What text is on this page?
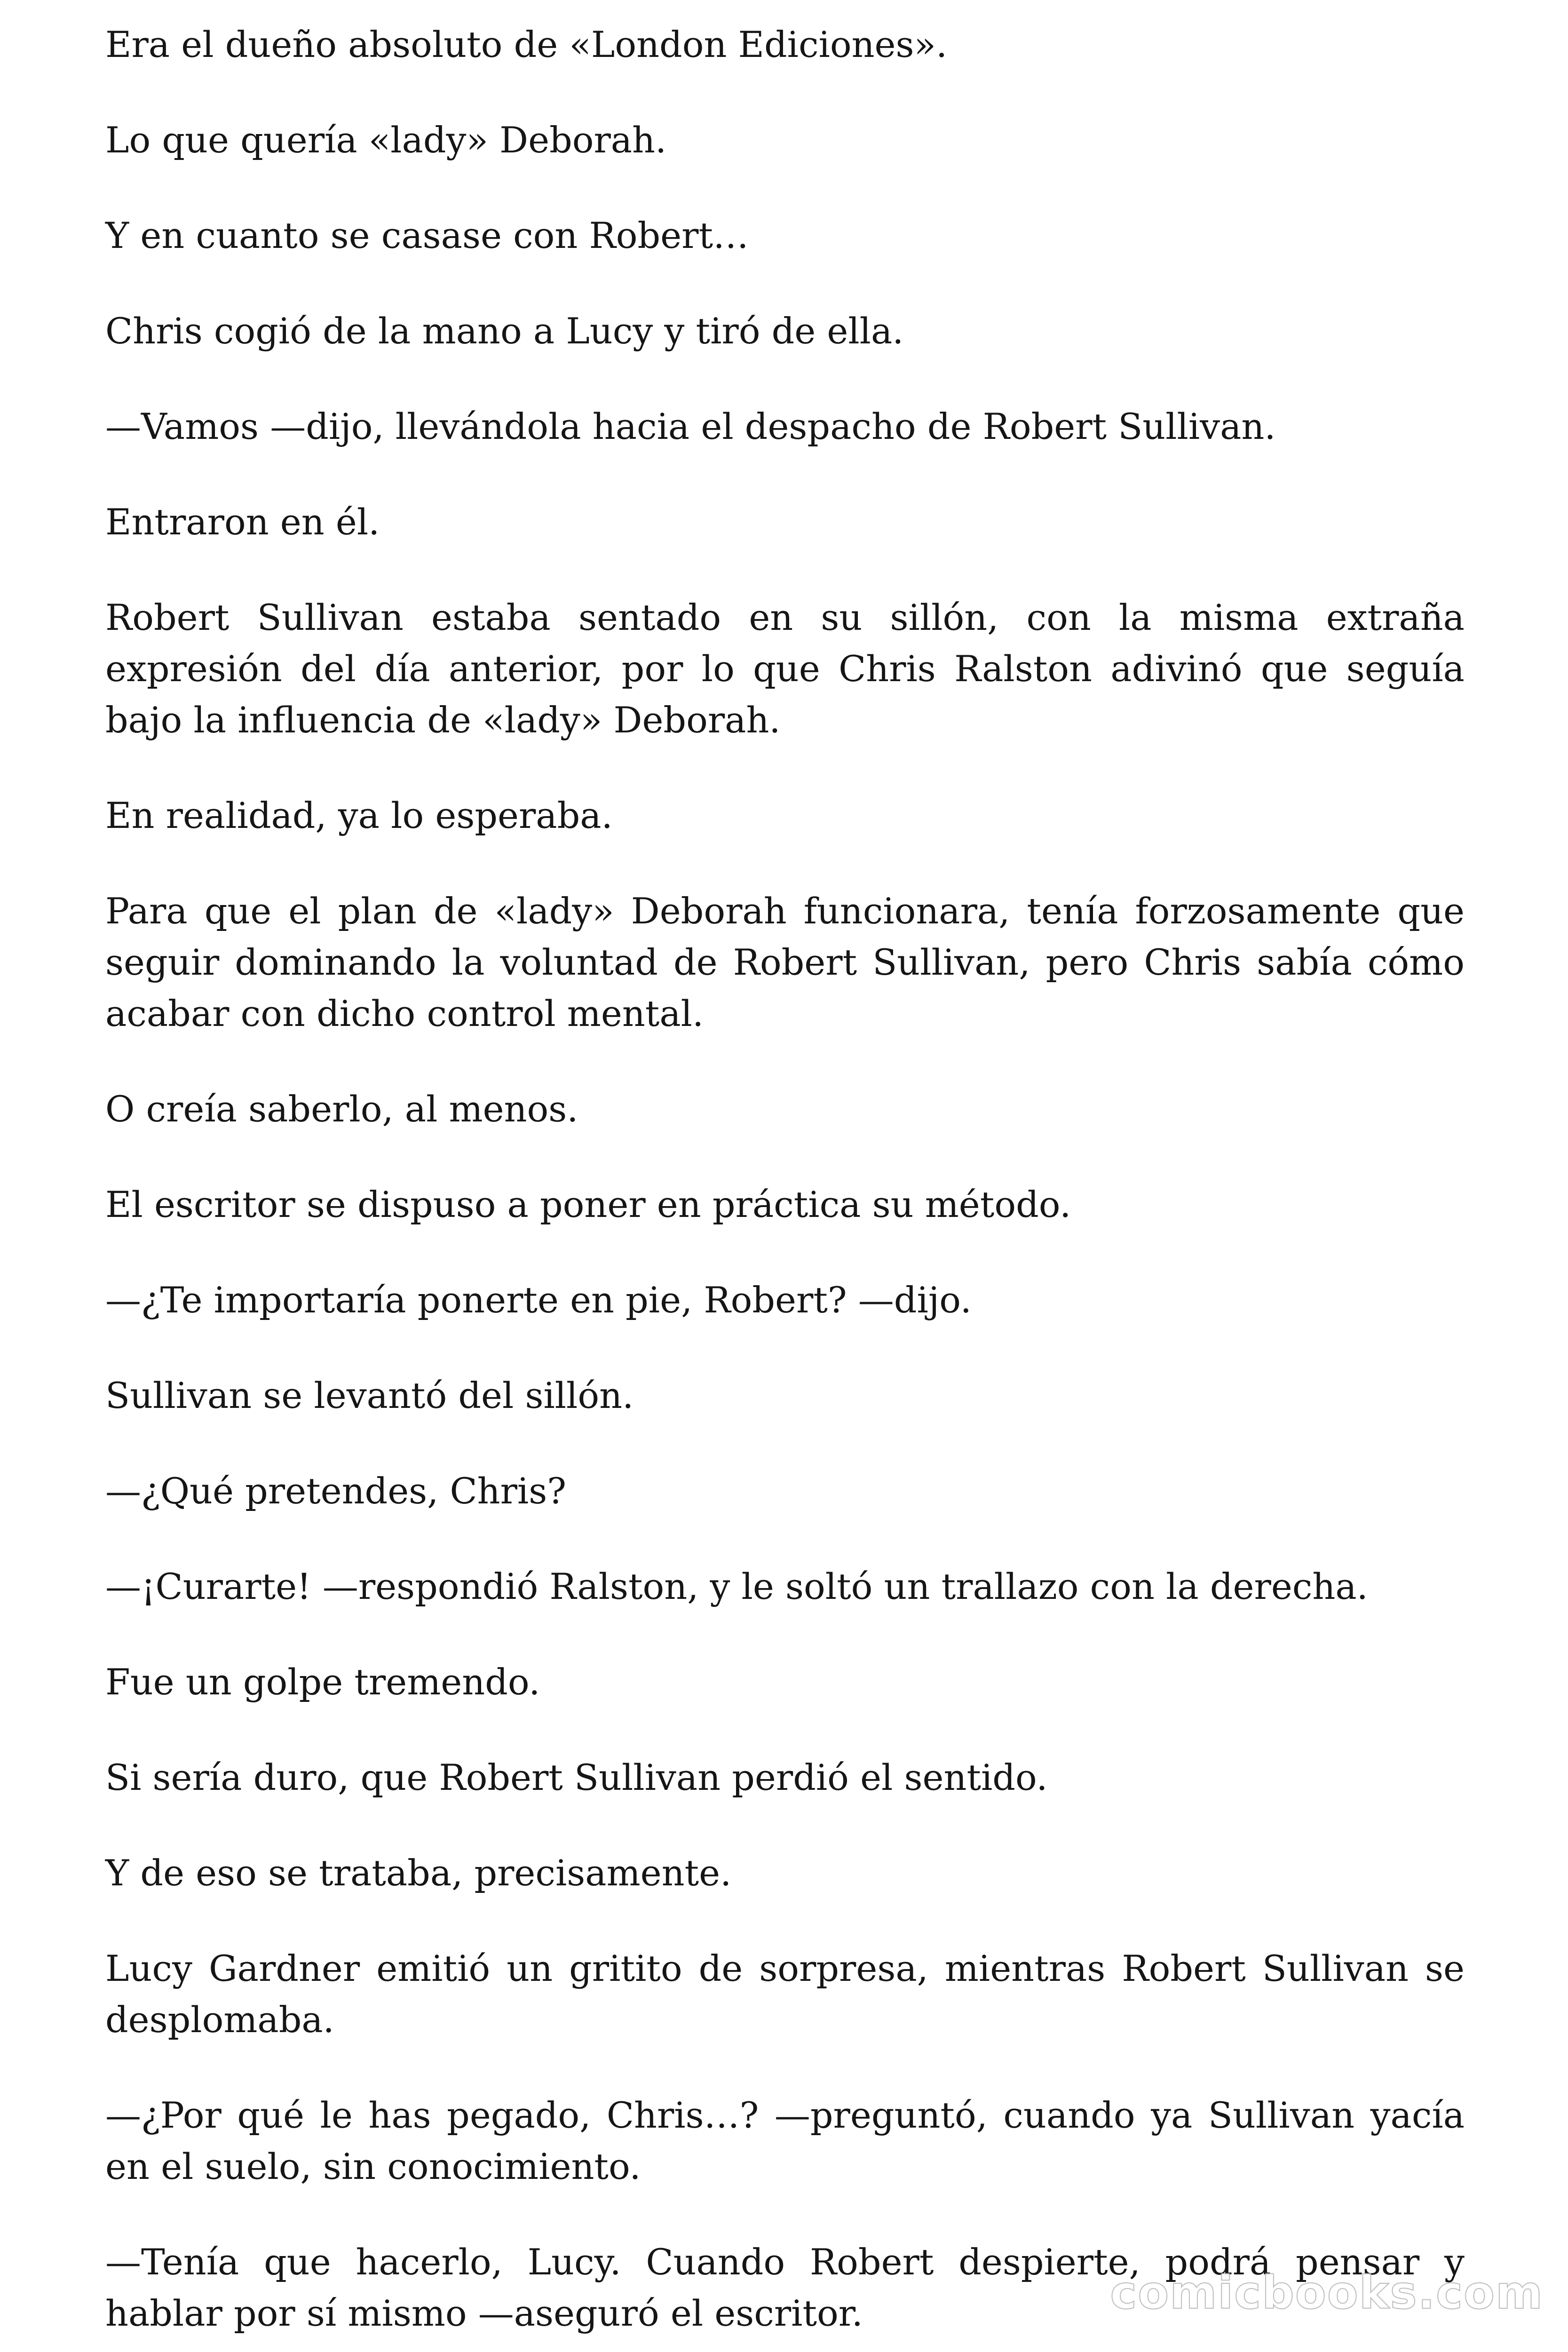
Era el dueño absoluto de «London Ediciones».

Lo que quería «lady» Deborah.

Y en cuanto se casase con Robert…

Chris cogió de la mano a Lucy y tiró de ella.

—Vamos —dijo, llevándola hacia el despacho de Robert Sullivan.

Entraron en él.

Robert Sullivan estaba sentado en su sillón, con la misma extraña expresión del día anterior, por lo que Chris Ralston adivinó que seguía bajo la influencia de «lady» Deborah.

En realidad, ya lo esperaba.

Para que el plan de «lady» Deborah funcionara, tenía forzosamente que seguir dominando la voluntad de Robert Sullivan, pero Chris sabía cómo acabar con dicho control mental.

O creía saberlo, al menos.

El escritor se dispuso a poner en práctica su método.

—¿Te importaría ponerte en pie, Robert? —dijo.

Sullivan se levantó del sillón.

—¿Qué pretendes, Chris?

—¡Curarte! —respondió Ralston, y le soltó un trallazo con la derecha.

Fue un golpe tremendo.

Si sería duro, que Robert Sullivan perdió el sentido.

Y de eso se trataba, precisamente.

Lucy Gardner emitió un gritito de sorpresa, mientras Robert Sullivan se desplomaba.

—¿Por qué le has pegado, Chris…? —preguntó, cuando ya Sullivan yacía en el suelo, sin conocimiento.

—Tenía que hacerlo, Lucy. Cuando Robert despierte, podrá pensar y hablar por sí mismo —aseguró el escritor.	comicbooks.com
